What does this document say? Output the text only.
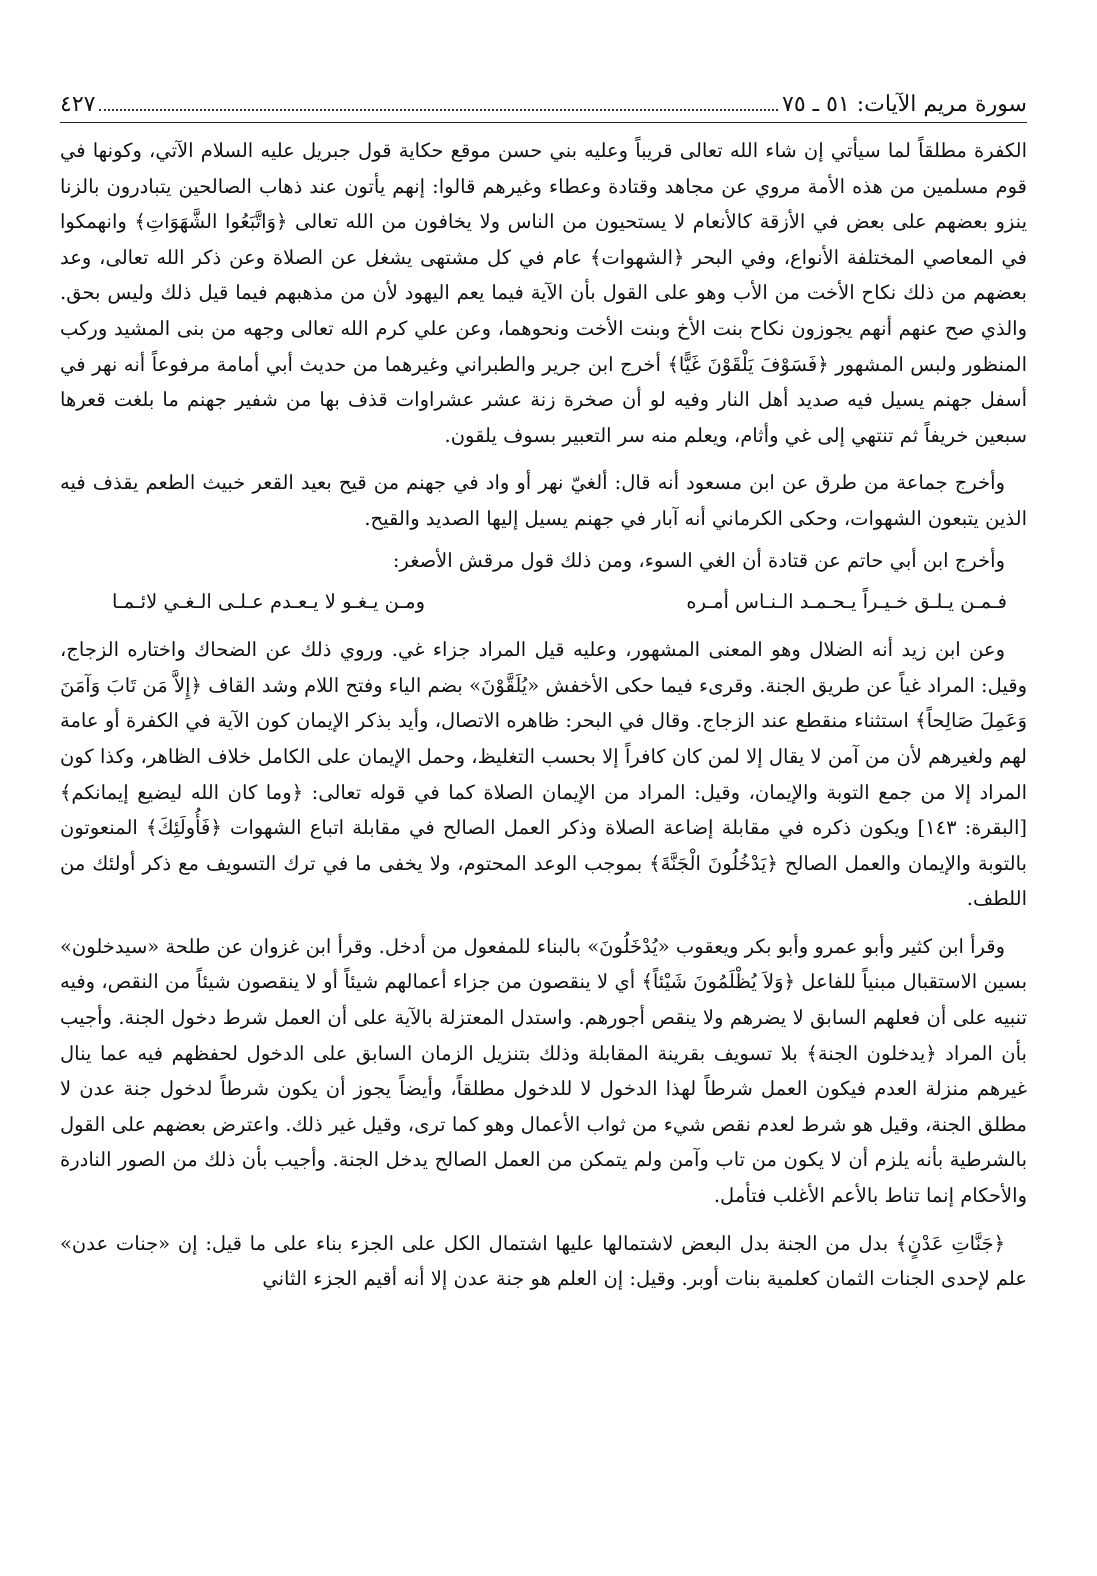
سورة مريم الآيات: ٥١ ـ ٧٥
٤٢٧

الكفرة مطلقاً لما سيأتي إن شاء الله تعالى قريباً وعليه بني حسن موقع حكاية قول جبريل عليه السلام الآتي، وكونها في قوم مسلمين من هذه الأمة مروي عن مجاهد وقتادة وعطاء وغيرهم قالوا: إنهم يأتون عند ذهاب الصالحين يتبادرون بالزنا ينزو بعضهم على بعض في الأزقة كالأنعام لا يستحيون من الناس ولا يخافون من الله تعالى ﴿وَاتَّبَعُوا الشَّهَوَاتِ﴾ وانهمكوا في المعاصي المختلفة الأنواع، وفي البحر ﴿الشهوات﴾ عام في كل مشتهى يشغل عن الصلاة وعن ذكر الله تعالى، وعد بعضهم من ذلك نكاح الأخت من الأب وهو على القول بأن الآية فيما يعم اليهود لأن من مذهبهم فيما قيل ذلك وليس بحق. والذي صح عنهم أنهم يجوزون نكاح بنت الأخ وبنت الأخت ونحوهما، وعن علي كرم الله تعالى وجهه من بنى المشيد وركب المنظور ولبس المشهور ﴿فَسَوْفَ يَلْقَوْنَ غَيًّا﴾ أخرج ابن جرير والطبراني وغيرهما من حديث أبي أمامة مرفوعاً أنه نهر في أسفل جهنم يسيل فيه صديد أهل النار وفيه لو أن صخرة زنة عشر عشراوات قذف بها من شفير جهنم ما بلغت قعرها سبعين خريفاً ثم تنتهي إلى غي وأثام، ويعلم منه سر التعبير بسوف يلقون.

وأخرج جماعة من طرق عن ابن مسعود أنه قال: ألغيّ نهر أو واد في جهنم من قيح بعيد القعر خبيث الطعم يقذف فيه الذين يتبعون الشهوات، وحكى الكرماني أنه آبار في جهنم يسيل إليها الصديد والقيح.

وأخرج ابن أبي حاتم عن قتادة أن الغي السوء، ومن ذلك قول مرقش الأصغر:

فـمـن يـلـق خـيـراً يـحـمـد الـنـاس أمـره
ومـن يـغـو لا يـعـدم عـلـى الـغـي لائـمـا

وعن ابن زيد أنه الضلال وهو المعنى المشهور، وعليه قيل المراد جزاء غي. وروي ذلك عن الضحاك واختاره الزجاج، وقيل: المراد غياً عن طريق الجنة. وقرىء فيما حكى الأخفش «يُلَقَّوْنَ» بضم الياء وفتح اللام وشد القاف ﴿إِلاَّ مَن تَابَ وَآمَنَ وَعَمِلَ صَالِحاً﴾ استثناء منقطع عند الزجاج. وقال في البحر: ظاهره الاتصال، وأيد بذكر الإيمان كون الآية في الكفرة أو عامة لهم ولغيرهم لأن من آمن لا يقال إلا لمن كان كافراً إلا بحسب التغليظ، وحمل الإيمان على الكامل خلاف الظاهر، وكذا كون المراد إلا من جمع التوبة والإيمان، وقيل: المراد من الإيمان الصلاة كما في قوله تعالى: ﴿وما كان الله ليضيع إيمانكم﴾ [البقرة: ١٤٣] ويكون ذكره في مقابلة إضاعة الصلاة وذكر العمل الصالح في مقابلة اتباع الشهوات ﴿فَأُولَئِكَ﴾ المنعوتون بالتوبة والإيمان والعمل الصالح ﴿يَدْخُلُونَ الْجَنَّةَ﴾ بموجب الوعد المحتوم، ولا يخفى ما في ترك التسويف مع ذكر أولئك من اللطف.

وقرأ ابن كثير وأبو عمرو وأبو بكر ويعقوب «يُدْخَلُونَ» بالبناء للمفعول من أدخل. وقرأ ابن غزوان عن طلحة «سيدخلون» بسين الاستقبال مبنياً للفاعل ﴿وَلاَ يُظْلَمُونَ شَيْئاً﴾ أي لا ينقصون من جزاء أعمالهم شيئاً أو لا ينقصون شيئاً من النقص، وفيه تنبيه على أن فعلهم السابق لا يضرهم ولا ينقص أجورهم. واستدل المعتزلة بالآية على أن العمل شرط دخول الجنة. وأجيب بأن المراد ﴿يدخلون الجنة﴾ بلا تسويف بقرينة المقابلة وذلك بتنزيل الزمان السابق على الدخول لحفظهم فيه عما ينال غيرهم منزلة العدم فيكون العمل شرطاً لهذا الدخول لا للدخول مطلقاً، وأيضاً يجوز أن يكون شرطاً لدخول جنة عدن لا مطلق الجنة، وقيل هو شرط لعدم نقص شيء من ثواب الأعمال وهو كما ترى، وقيل غير ذلك. واعترض بعضهم على القول بالشرطية بأنه يلزم أن لا يكون من تاب وآمن ولم يتمكن من العمل الصالح يدخل الجنة. وأجيب بأن ذلك من الصور النادرة والأحكام إنما تناط بالأعم الأغلب فتأمل.

﴿جَنَّاتِ عَدْنٍ﴾ بدل من الجنة بدل البعض لاشتمالها عليها اشتمال الكل على الجزء بناء على ما قيل: إن «جنات عدن» علم لإحدى الجنات الثمان كعلمية بنات أوبر. وقيل: إن العلم هو جنة عدن إلا أنه أقيم الجزء الثاني
